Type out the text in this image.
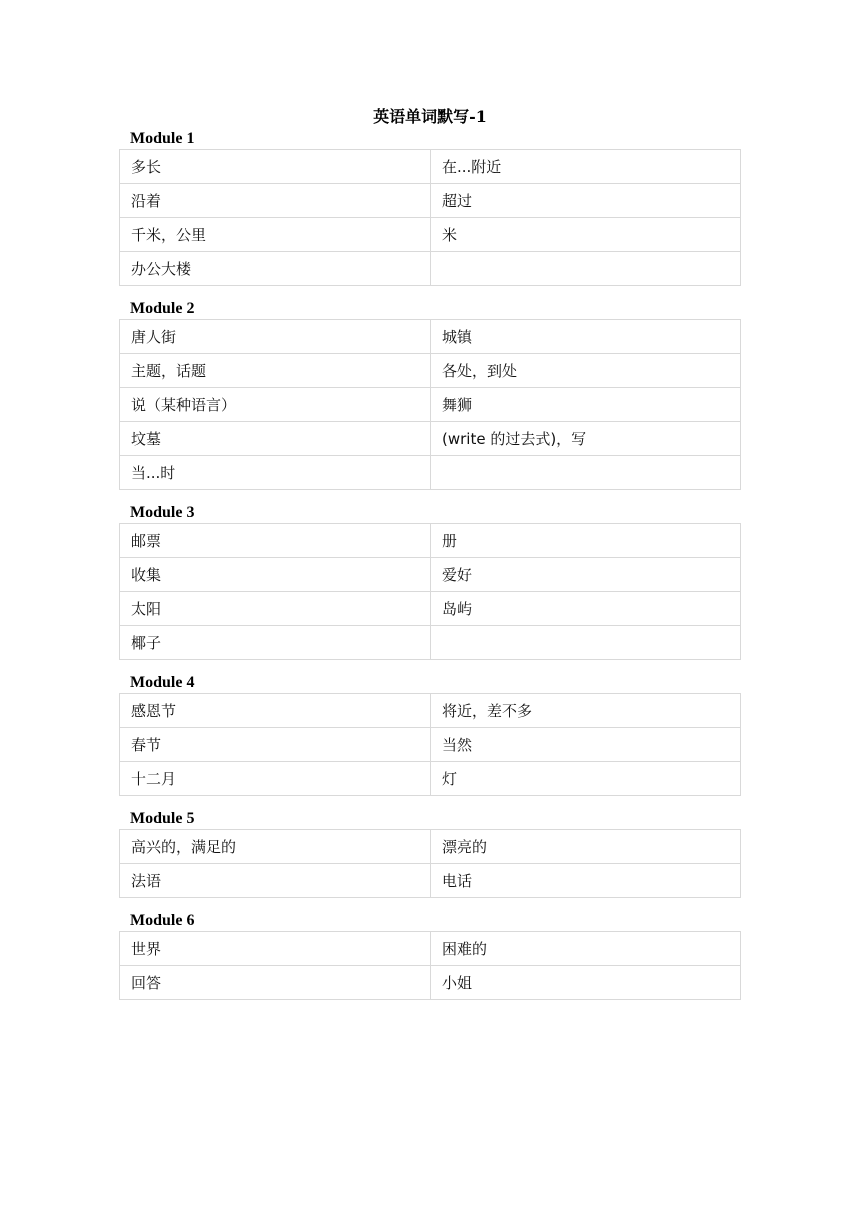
英语单词默写-1
Module 1
多长	在...附近
沿着	超过
千米，公里	米
办公大楼	
Module 2
唐人街	城镇
主题，话题	各处，到处
说（某种语言）	舞狮
坟墓	(write 的过去式)，写
当...时	
Module 3
邮票	册
收集	爱好
太阳	岛屿
椰子	
Module 4
感恩节	将近，差不多
春节	当然
十二月	灯
Module 5
高兴的，满足的	漂亮的
法语	电话
Module 6
世界	困难的
回答	小姐
